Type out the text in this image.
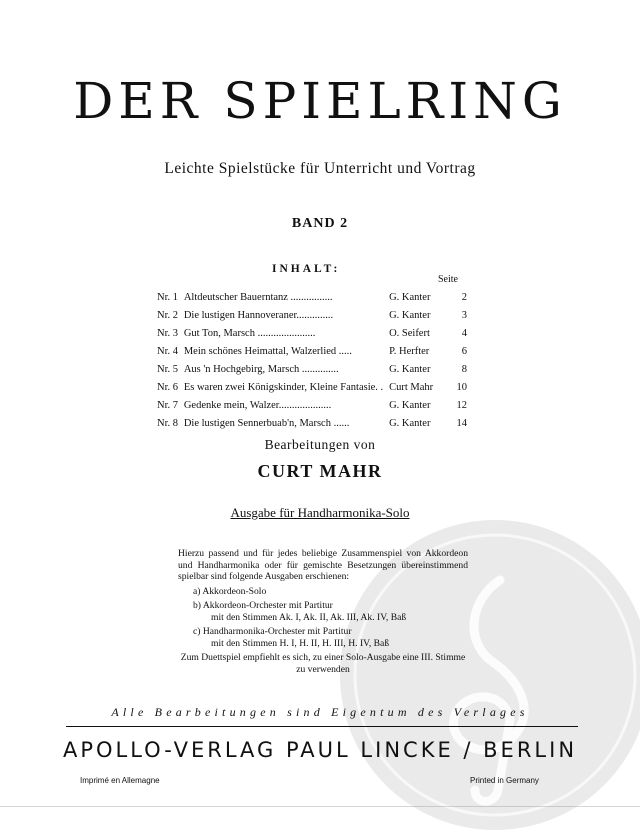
DER SPIELRING
Leichte Spielstücke für Unterricht und Vortrag
BAND 2
INHALT:
Seite
Nr. 1 Altdeutscher Bauerntanz ................	G. Kanter	2
Nr. 2 Die lustigen Hannoveraner..............	G. Kanter	3
Nr. 3 Gut Ton, Marsch ......................	O. Seifert	4
Nr. 4 Mein schönes Heimattal, Walzerlied .....	P. Herfter	6
Nr. 5 Aus 'n Hochgebirg, Marsch ..............	G. Kanter	8
Nr. 6 Es waren zwei Königskinder, Kleine Fantasie. . Curt Mahr	10
Nr. 7 Gedenke mein, Walzer....................	G. Kanter	12
Nr. 8 Die lustigen Sennerbuab'n, Marsch ......	G. Kanter	14
Bearbeitungen von
CURT MAHR
Ausgabe für Handharmonika-Solo

Hierzu passend und für jedes beliebige Zusammenspiel von Akkordeon und Handharmonika oder für gemischte Besetzungen übereinstimmend spielbar sind folgende Ausgaben erschienen:

a) Akkordeon-Solo

b) Akkordeon-Orchester mit Partitur

mit den Stimmen Ak. I, Ak. II, Ak. III, Ak. IV, Baß

c) Handharmonika-Orchester mit Partitur

mit den Stimmen H. I, H. II, H. III, H. IV, Baß

Zum Duettspiel empfiehlt es sich, zu einer Solo-Ausgabe eine III. Stimme zu verwenden

Alle Bearbeitungen sind Eigentum des Verlages
APOLLO-VERLAG PAUL LINCKE / BERLIN
Imprimé en Allemagne	Printed in Germany
